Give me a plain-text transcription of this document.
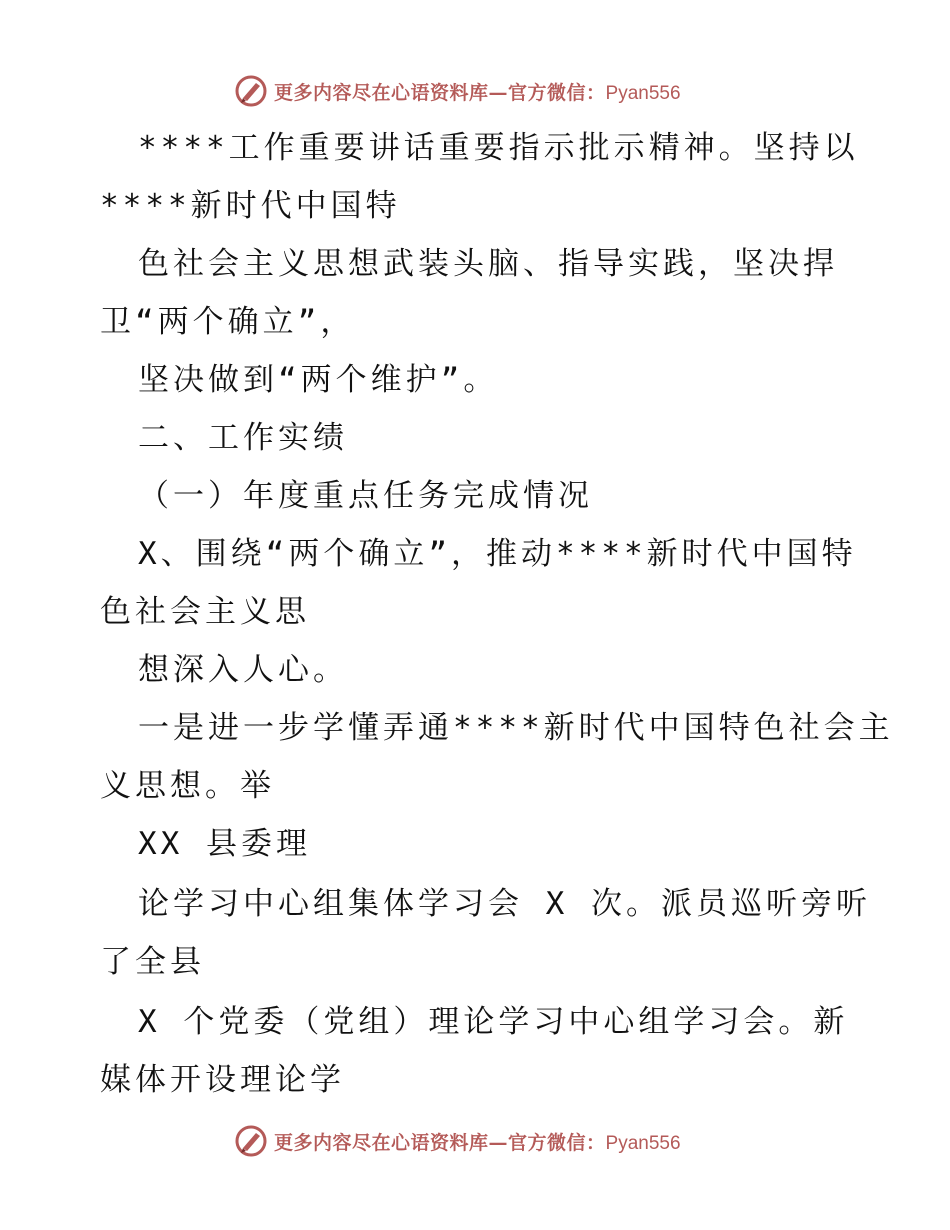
更多内容尽在心语资料库—官方微信：Pyan556
****工作重要讲话重要指示批示精神。坚持以
****新时代中国特
色社会主义思想武装头脑、指导实践，坚决捍
卫“两个确立”，
坚决做到“两个维护”。
二、工作实绩
（一）年度重点任务完成情况
X、围绕“两个确立”，推动****新时代中国特
色社会主义思
想深入人心。
一是进一步学懂弄通****新时代中国特色社会主
义思想。举
XX 县委理
论学习中心组集体学习会 X 次。派员巡听旁听
了全县
X 个党委（党组）理论学习中心组学习会。新
媒体开设理论学
更多内容尽在心语资料库—官方微信：Pyan556
